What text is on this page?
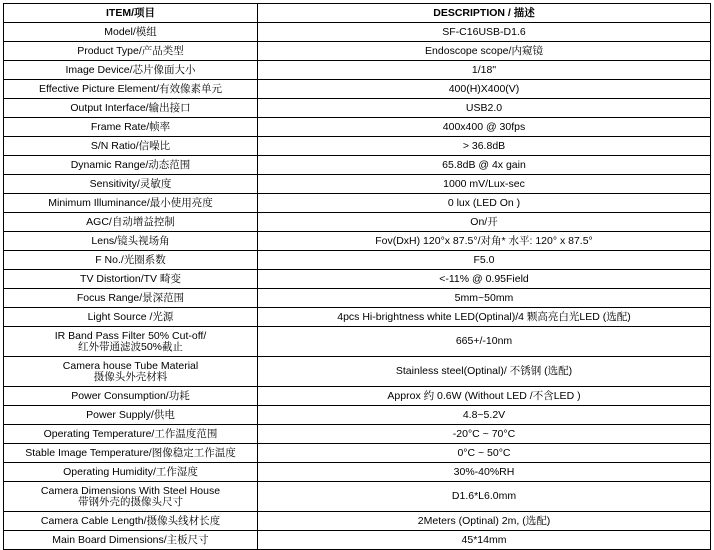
ITEM/项目	DESCRIPTION / 描述
Model/模组	SF-C16USB-D1.6
Product Type/产品类型	Endoscope scope/内窥镜
Image Device/芯片像面大小	1/18"
Effective Picture Element/有效像素单元	400(H)X400(V)
Output Interface/输出接口	USB2.0
Frame Rate/帧率	400x400 @ 30fps
S/N Ratio/信噪比	> 36.8dB
Dynamic Range/动态范围	65.8dB @ 4x gain
Sensitivity/灵敏度	1000 mV/Lux-sec
Minimum Illuminance/最小使用亮度	0 lux (LED On )
AGC/自动增益控制	On/开
Lens/镜头视场角	Fov(DxH) 120°x 87.5°/对角* 水平: 120° x 87.5°
F No./光圈系数	F5.0
TV Distortion/TV 畸变	<-11% @ 0.95Field
Focus Range/景深范围	5mm~50mm
Light Source /光源	4pcs Hi-brightness white LED(Optinal)/4 颗高亮白光LED (选配)

IR Band Pass Filter 50% Cut-off/
红外带通滤波50%截止	665+/-10nm

Camera house Tube Material
摄像头外壳材料	Stainless steel(Optinal)/ 不锈钢 (选配)
Power Consumption/功耗	Approx 约 0.6W (Without LED /不含LED )
Power Supply/供电	4.8~5.2V
Operating Temperature/工作温度范围	-20°C ~ 70°C
Stable Image Temperature/图像稳定工作温度	0°C ~ 50°C
Operating Humidity/工作湿度	30%-40%RH

Camera Dimensions With Steel House
带钢外壳的摄像头尺寸	D1.6*L6.0mm
Camera Cable Length/摄像头线材长度	2Meters (Optinal) 2m, (选配)
Main Board Dimensions/主板尺寸	45*14mm
